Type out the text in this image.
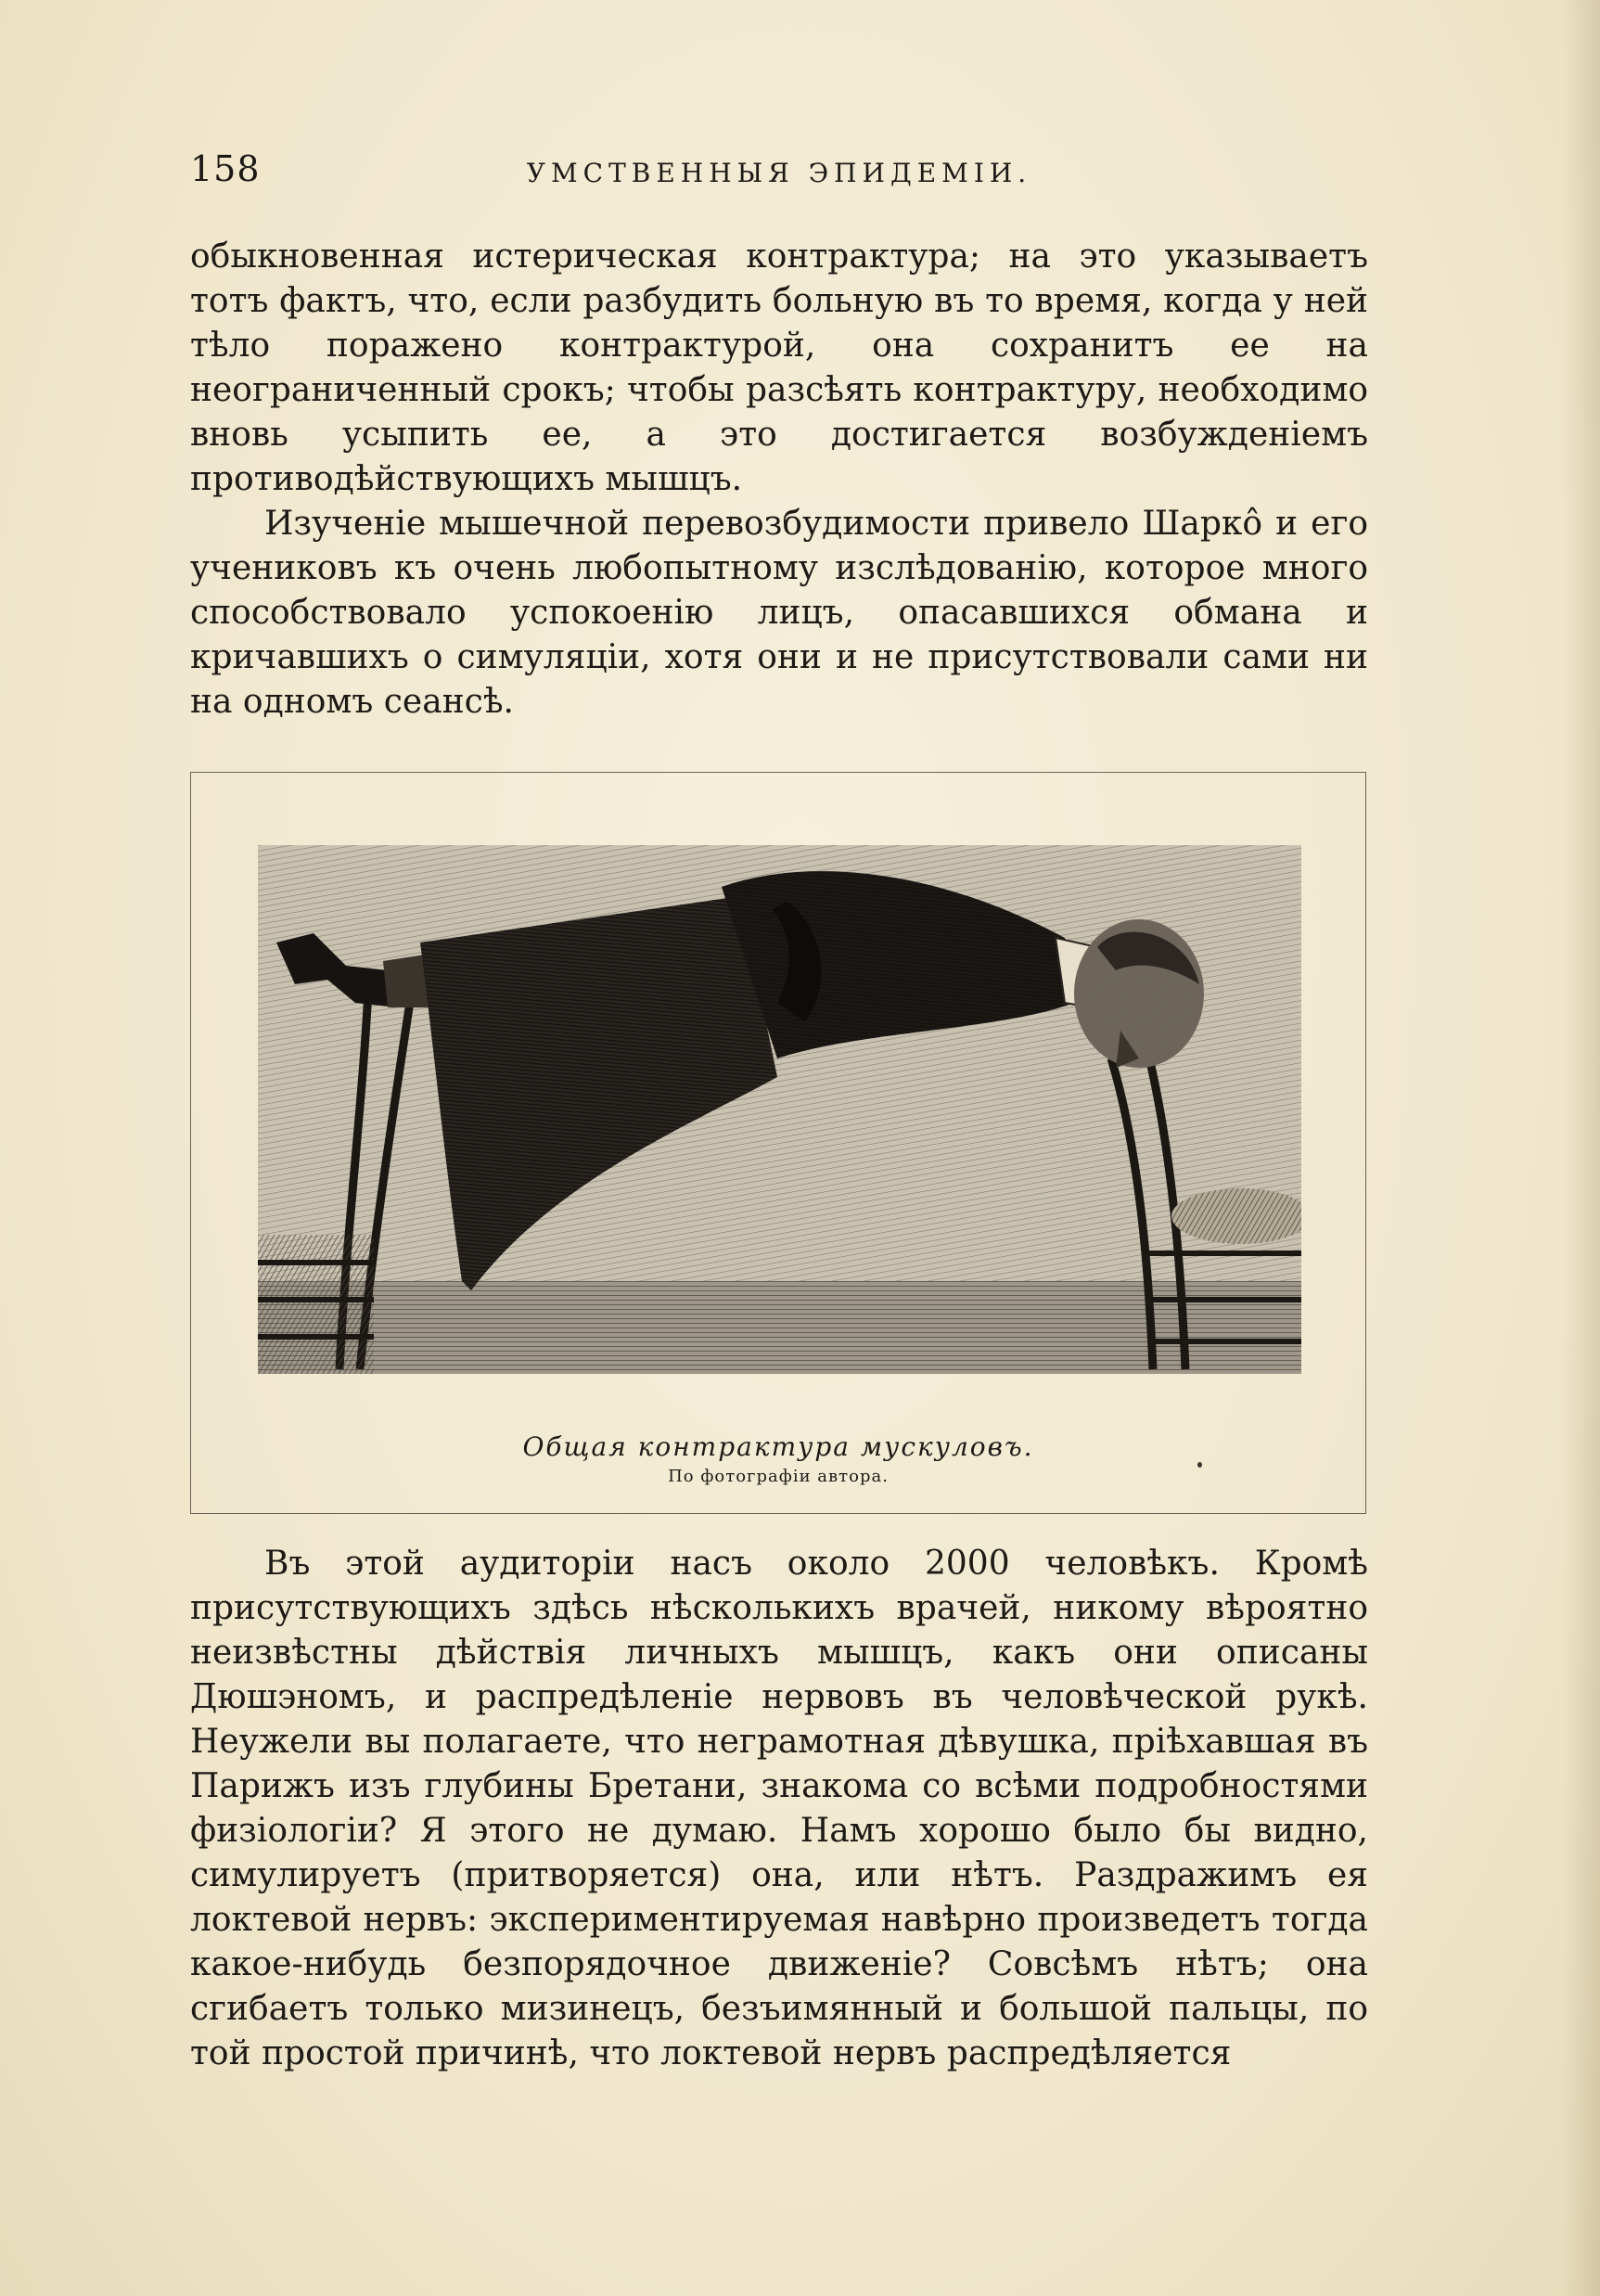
158	УМСТВЕННЫЯ ЭПИДЕМІИ.

обыкновенная истерическая контрактура; на это указываетъ тотъ фактъ, что, если разбудить больную въ то время, когда у ней тѣло поражено контрактурой, она сохранитъ ее на неограниченный срокъ; чтобы разсѣять контрактуру, необходимо вновь усыпить ее, а это достигается возбужденіемъ противодѣйствующихъ мышцъ.

Изученіе мышечной перевозбудимости привело Шаркô и его учениковъ къ очень любопытному изслѣдованію, которое много способствовало успокоенію лицъ, опасавшихся обмана и кричавшихъ о симуляціи, хотя они и не присутствовали сами ни на одномъ сеансѣ.

Общая контрактура мускуловъ.
По фотографіи автора.

Въ этой аудиторіи насъ около 2000 человѣкъ. Кромѣ присутствующихъ здѣсь нѣсколькихъ врачей, никому вѣроятно неизвѣстны дѣйствія личныхъ мышцъ, какъ они описаны Дюшэномъ, и распредѣленіе нервовъ въ человѣческой рукѣ. Неужели вы полагаете, что неграмотная дѣвушка, пріѣхавшая въ Парижъ изъ глубины Бретани, знакома со всѣми подробностями физіологіи? Я этого не думаю. Намъ хорошо было бы видно, симулируетъ (притворяется) она, или нѣтъ. Раздражимъ ея локтевой нервъ: экспериментируемая навѣрно произведетъ тогда какое-нибудь безпорядочное движеніе? Совсѣмъ нѣтъ; она сгибаетъ только мизинецъ, безъимянный и большой пальцы, по той простой причинѣ, что локтевой нервъ распредѣляется
